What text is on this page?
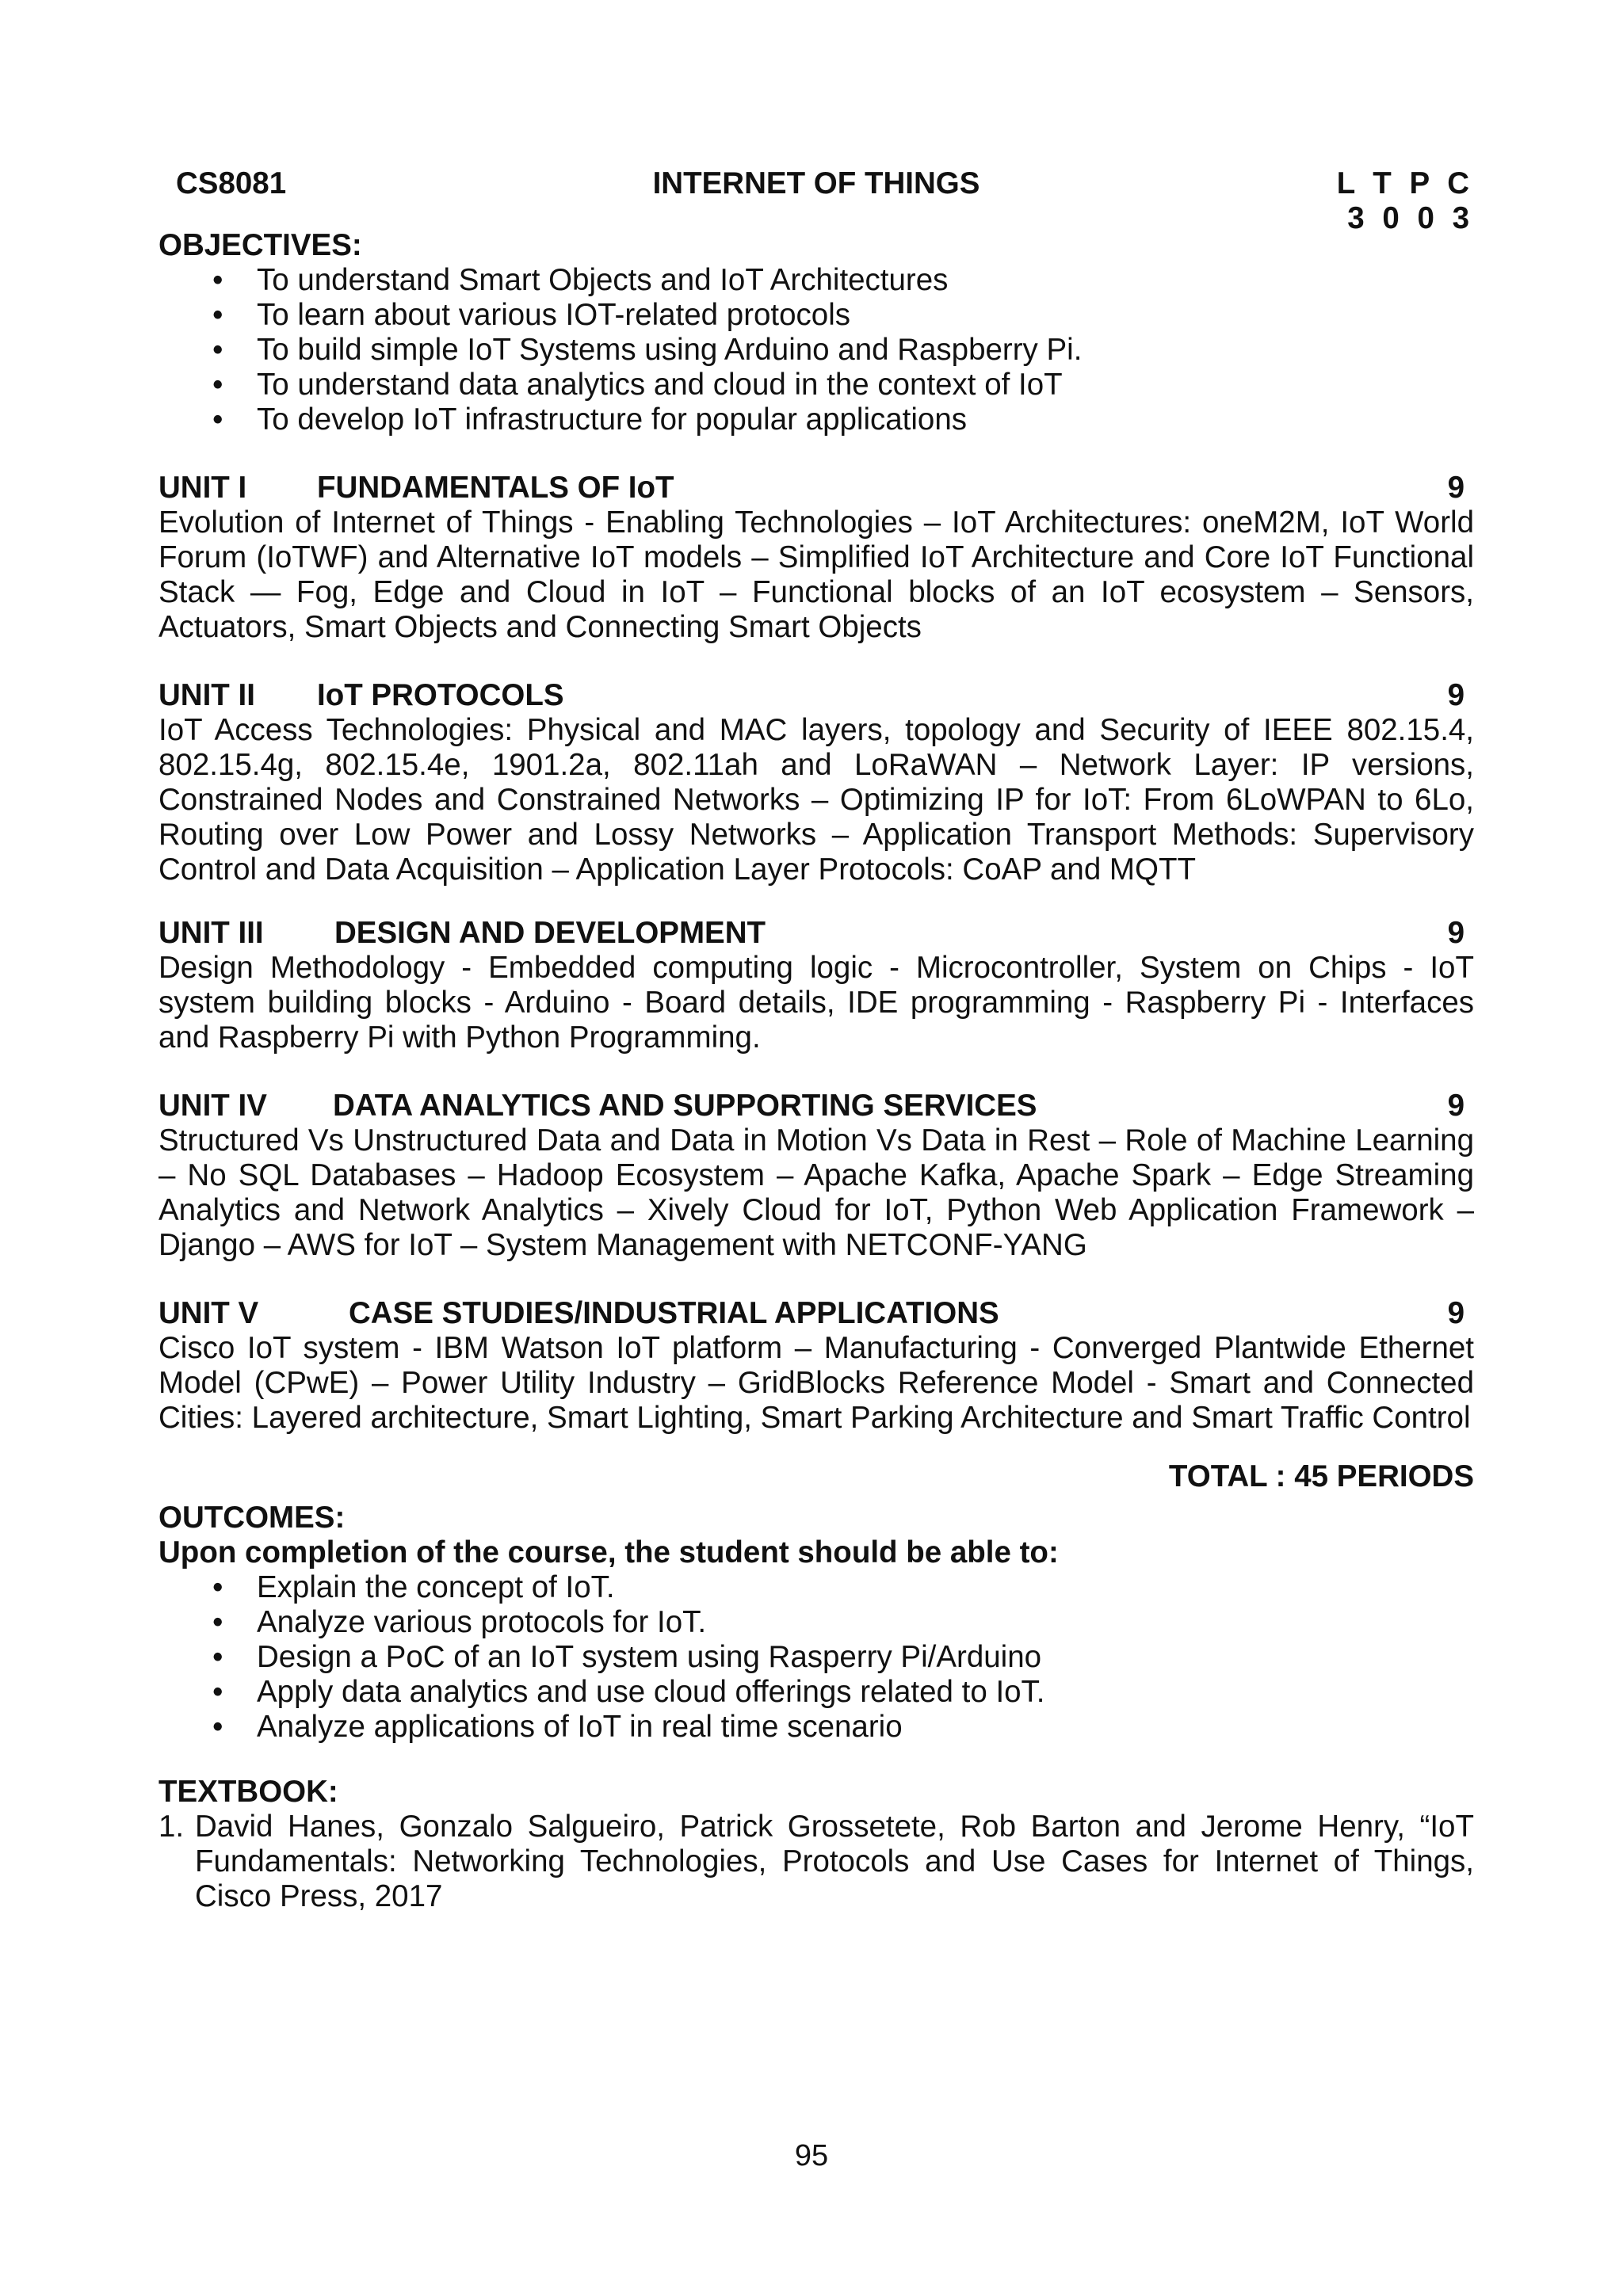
CS8081	INTERNET OF THINGS	L T P C
3 0 0 3
OBJECTIVES:
• To understand Smart Objects and IoT Architectures
• To learn about various IOT-related protocols
• To build simple IoT Systems using Arduino and Raspberry Pi.
• To understand data analytics and cloud in the context of IoT
• To develop IoT infrastructure for popular applications
UNIT I FUNDAMENTALS OF IoT	9

Evolution of Internet of Things - Enabling Technologies – IoT Architectures: oneM2M, IoT World Forum (IoTWF) and Alternative IoT models – Simplified IoT Architecture and Core IoT Functional Stack — Fog, Edge and Cloud in IoT – Functional blocks of an IoT ecosystem – Sensors, Actuators, Smart Objects and Connecting Smart Objects

UNIT II IoT PROTOCOLS	9

IoT Access Technologies: Physical and MAC layers, topology and Security of IEEE 802.15.4, 802.15.4g, 802.15.4e, 1901.2a, 802.11ah and LoRaWAN – Network Layer: IP versions, Constrained Nodes and Constrained Networks – Optimizing IP for IoT: From 6LoWPAN to 6Lo, Routing over Low Power and Lossy Networks – Application Transport Methods: Supervisory Control and Data Acquisition – Application Layer Protocols: CoAP and MQTT

UNIT III DESIGN AND DEVELOPMENT	9

Design Methodology - Embedded computing logic - Microcontroller, System on Chips - IoT system building blocks - Arduino - Board details, IDE programming - Raspberry Pi - Interfaces and Raspberry Pi with Python Programming.

UNIT IV DATA ANALYTICS AND SUPPORTING SERVICES	9

Structured Vs Unstructured Data and Data in Motion Vs Data in Rest – Role of Machine Learning – No SQL Databases – Hadoop Ecosystem – Apache Kafka, Apache Spark – Edge Streaming Analytics and Network Analytics – Xively Cloud for IoT, Python Web Application Framework – Django – AWS for IoT – System Management with NETCONF-YANG

UNIT V	CASE STUDIES/INDUSTRIAL APPLICATIONS	9

Cisco IoT system - IBM Watson IoT platform – Manufacturing - Converged Plantwide Ethernet Model (CPwE) – Power Utility Industry – GridBlocks Reference Model - Smart and Connected Cities: Layered architecture, Smart Lighting, Smart Parking Architecture and Smart Traffic Control

TOTAL : 45 PERIODS
OUTCOMES:
Upon completion of the course, the student should be able to:
• Explain the concept of IoT.
• Analyze various protocols for IoT.
• Design a PoC of an IoT system using Rasperry Pi/Arduino
• Apply data analytics and use cloud offerings related to IoT.
• Analyze applications of IoT in real time scenario
TEXTBOOK:
1. David Hanes, Gonzalo Salgueiro, Patrick Grossetete, Rob Barton and Jerome Henry, “IoT Fundamentals: Networking Technologies, Protocols and Use Cases for Internet of Things, Cisco Press, 2017
95
